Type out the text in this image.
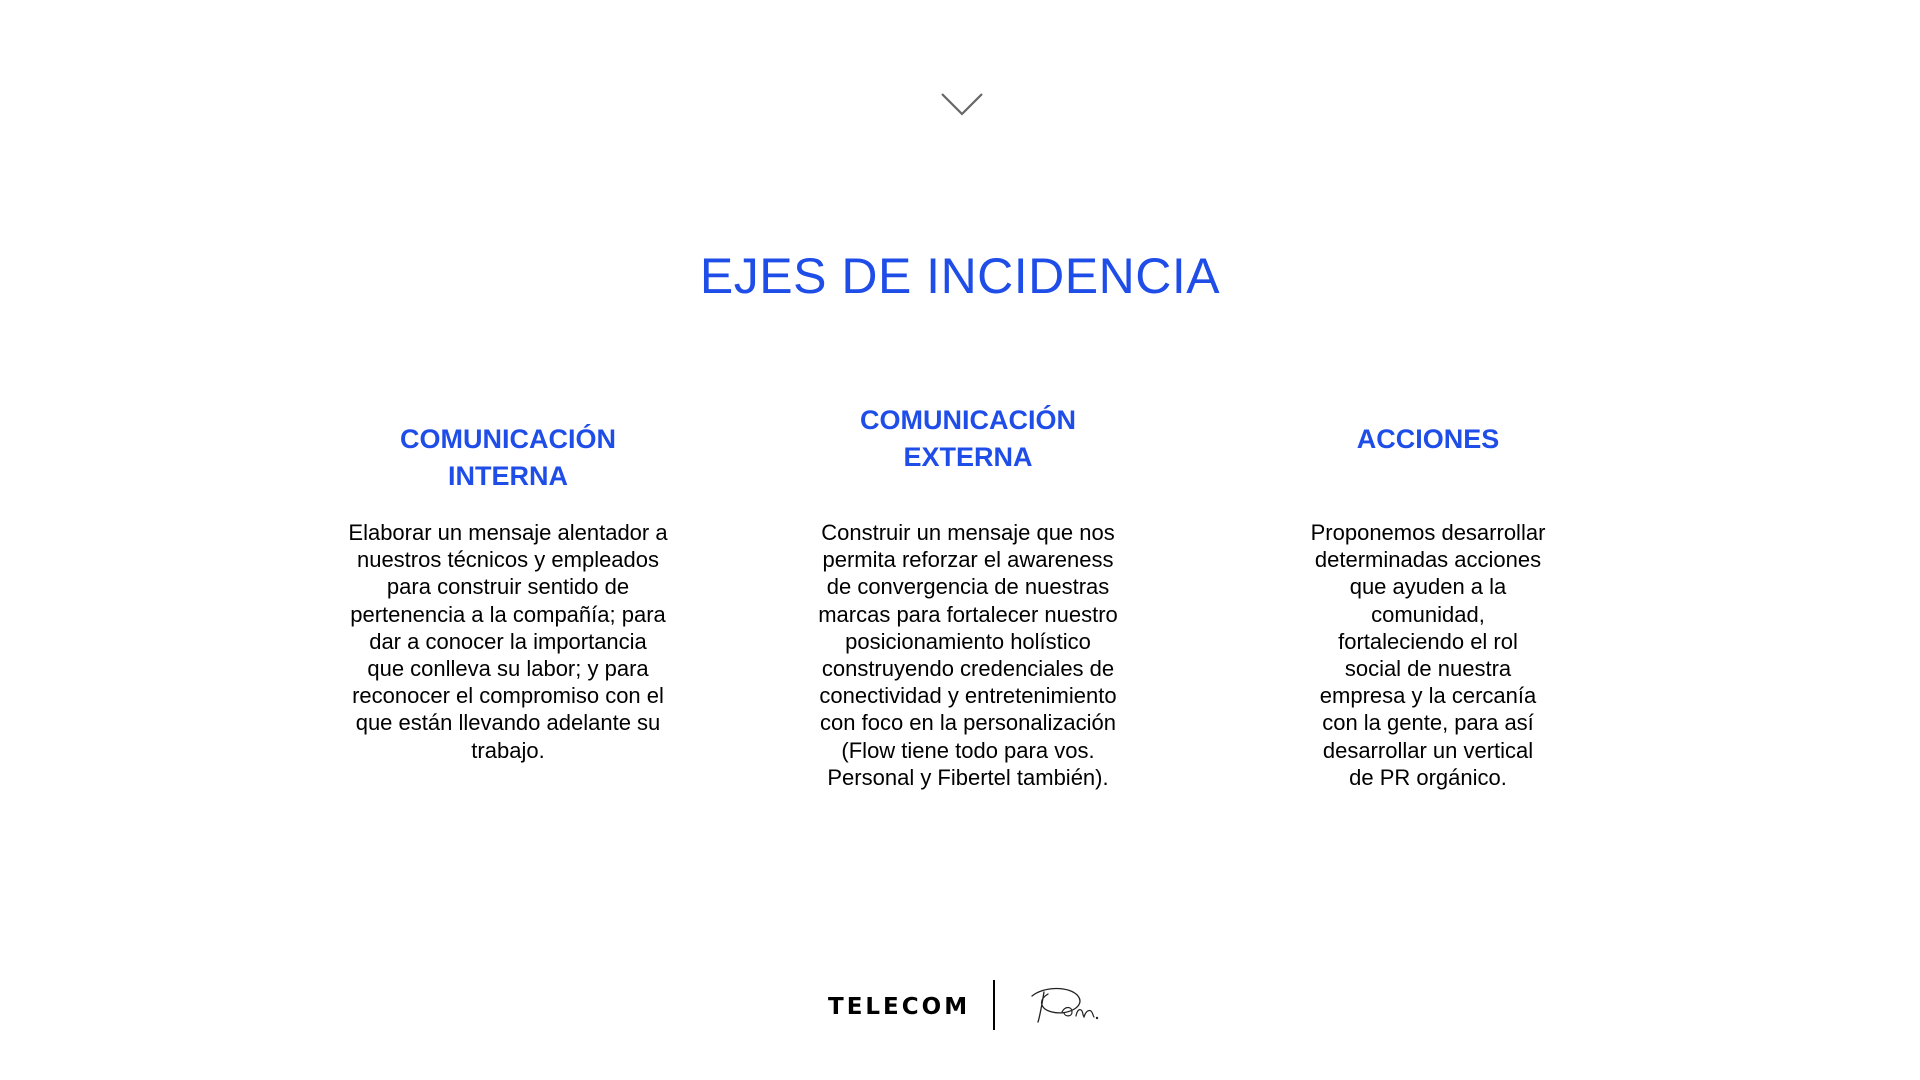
EJES DE INCIDENCIA
COMUNICACIÓN
INTERNA

Elaborar un mensaje alentador a nuestros técnicos y empleados para construir sentido de pertenencia a la compañía; para dar a conocer la importancia que conlleva su labor; y para reconocer el compromiso con el que están llevando adelante su trabajo.

COMUNICACIÓN
EXTERNA

Construir un mensaje que nos permita reforzar el awareness de convergencia de nuestras marcas para fortalecer nuestro posicionamiento holístico construyendo credenciales de conectividad y entretenimiento con foco en la personalización (Flow tiene todo para vos. Personal y Fibertel también).

ACCIONES

Proponemos desarrollar determinadas acciones que ayuden a la comunidad, fortaleciendo el rol social de nuestra empresa y la cercanía con la gente, para así desarrollar un vertical de PR orgánico.

TELECOM
